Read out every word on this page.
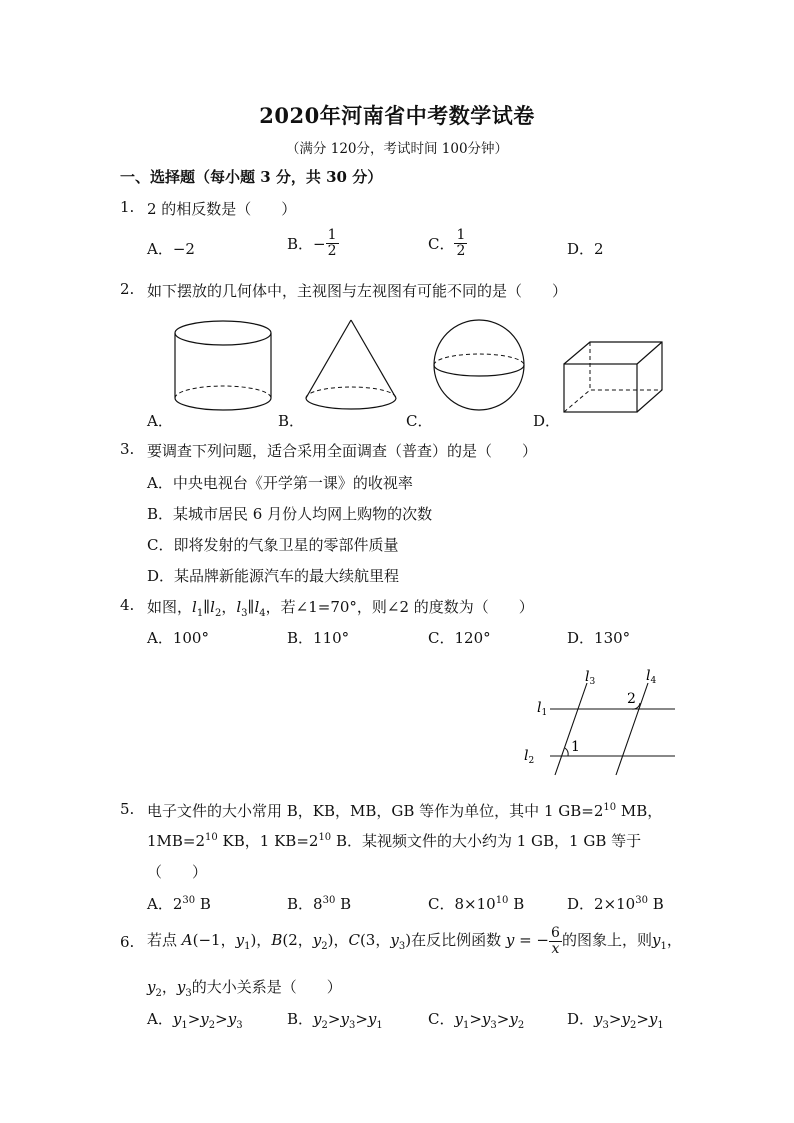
2020年河南省中考数学试卷
（满分 120分，考试时间 100分钟）
一、选择题（每小题 3 分，共 30 分）
1. 2 的相反数是（　　）
A．−2	B．− $\frac{1}{2}$	C． $\frac{1}{2}$	D．2
2. 如下摆放的几何体中，主视图与左视图有可能不同的是（　　）
A．	B．	C．	D．
3. 要调查下列问题，适合采用全面调查（普查）的是（　　）
A．中央电视台《开学第一课》的收视率
B．某城市居民 6 月份人均网上购物的次数
C．即将发射的气象卫星的零部件质量
D．某品牌新能源汽车的最大续航里程
4. 如图，$l_1\parallel l_2$，$l_3\parallel l_4$，若∠1=70°，则∠2 的度数为（　　）
A．100°	B．110°	C．120°	D．130°
$l_1$
$l_2$
$l_3$	$l_4$
1
2
5. 电子文件的大小常用 B，KB，MB，GB 等作为单位，其中 1 $GB=2^{10}$ MB，
$1MB=2^{10}$ KB，1 $KB=2^{10}$ B．某视频文件的大小约为 1 GB，1 GB 等于
（　　）
A．$2^{30}$ B	B．$8^{30}$ B	C．$8\times 10^{10}$ B	D．$2\times 10^{30}$ B
6. 若点 A(−1，$y_1$)，B(2，$y_2$)，C(3，$y_3$)在反比例函数 y = − $\frac{6}{x}$ 的图象上，则$y_1$，
$y_2$，$y_3$的大小关系是（　　）
A．$y_1>y_2>y_3$	B．$y_2>y_3>y_1$	C．$y_1>y_3>y_2$	D．$y_3>y_2>y_1$
